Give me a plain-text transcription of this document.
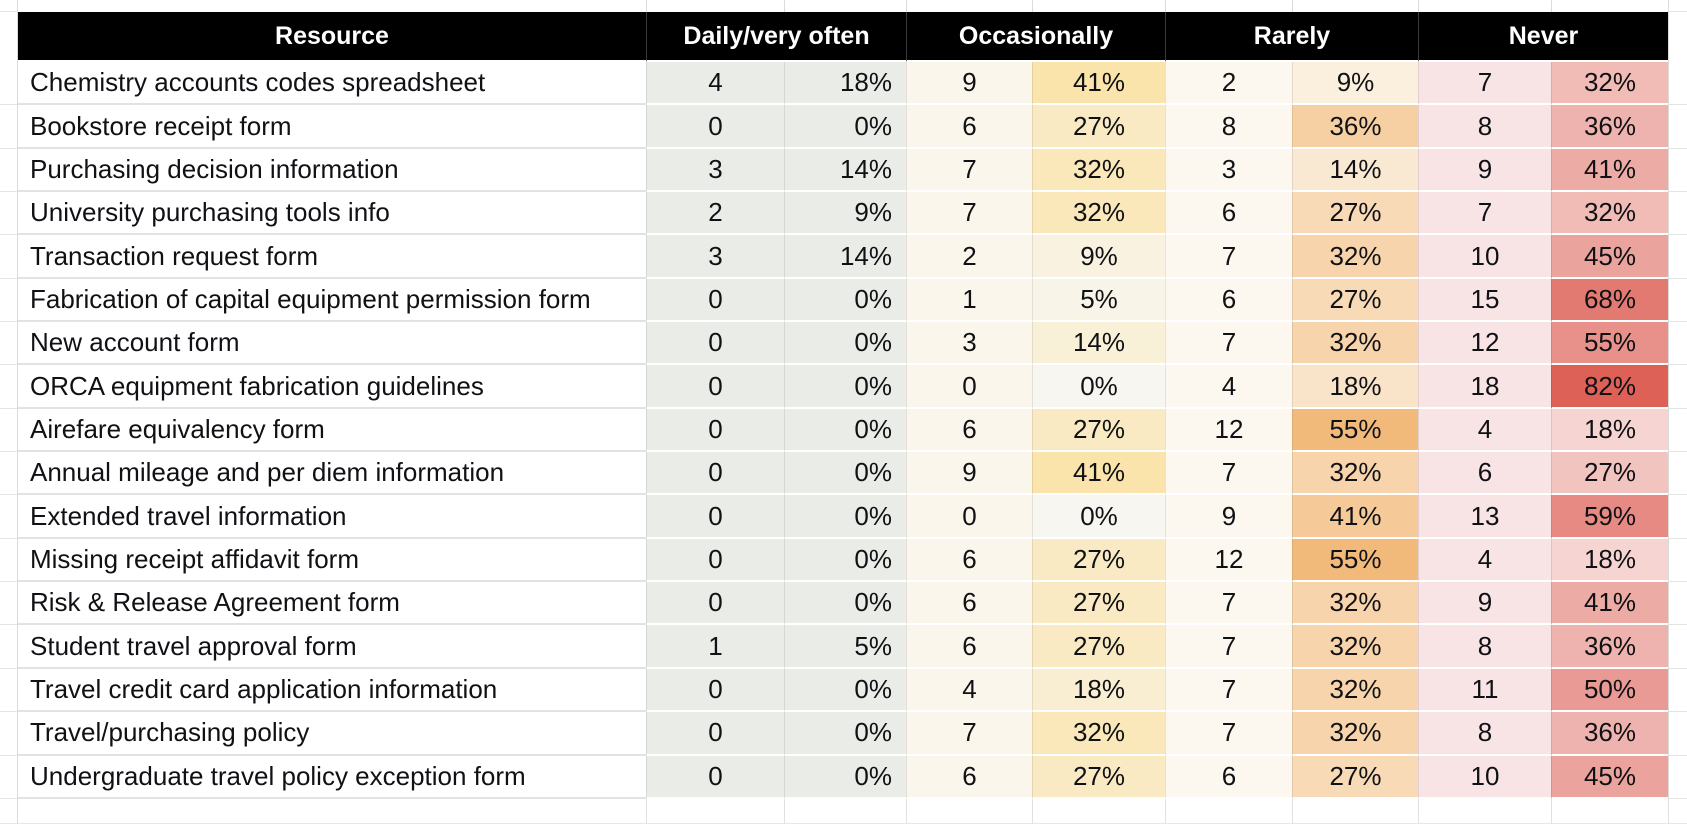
Resource	Daily/very often	Occasionally	Rarely	Never
Chemistry accounts codes spreadsheet	4	18%	9	41%	2	9%	7	32%
Bookstore receipt form	0	0%	6	27%	8	36%	8	36%
Purchasing decision information	3	14%	7	32%	3	14%	9	41%
University purchasing tools info	2	9%	7	32%	6	27%	7	32%
Transaction request form	3	14%	2	9%	7	32%	10	45%
Fabrication of capital equipment permission form	0	0%	1	5%	6	27%	15	68%
New account form	0	0%	3	14%	7	32%	12	55%
ORCA equipment fabrication guidelines	0	0%	0	0%	4	18%	18	82%
Airefare equivalency form	0	0%	6	27%	12	55%	4	18%
Annual mileage and per diem information	0	0%	9	41%	7	32%	6	27%
Extended travel information	0	0%	0	0%	9	41%	13	59%
Missing receipt affidavit form	0	0%	6	27%	12	55%	4	18%
Risk & Release Agreement form	0	0%	6	27%	7	32%	9	41%
Student travel approval form	1	5%	6	27%	7	32%	8	36%
Travel credit card application information	0	0%	4	18%	7	32%	11	50%
Travel/purchasing policy	0	0%	7	32%	7	32%	8	36%
Undergraduate travel policy exception form	0	0%	6	27%	6	27%	10	45%
